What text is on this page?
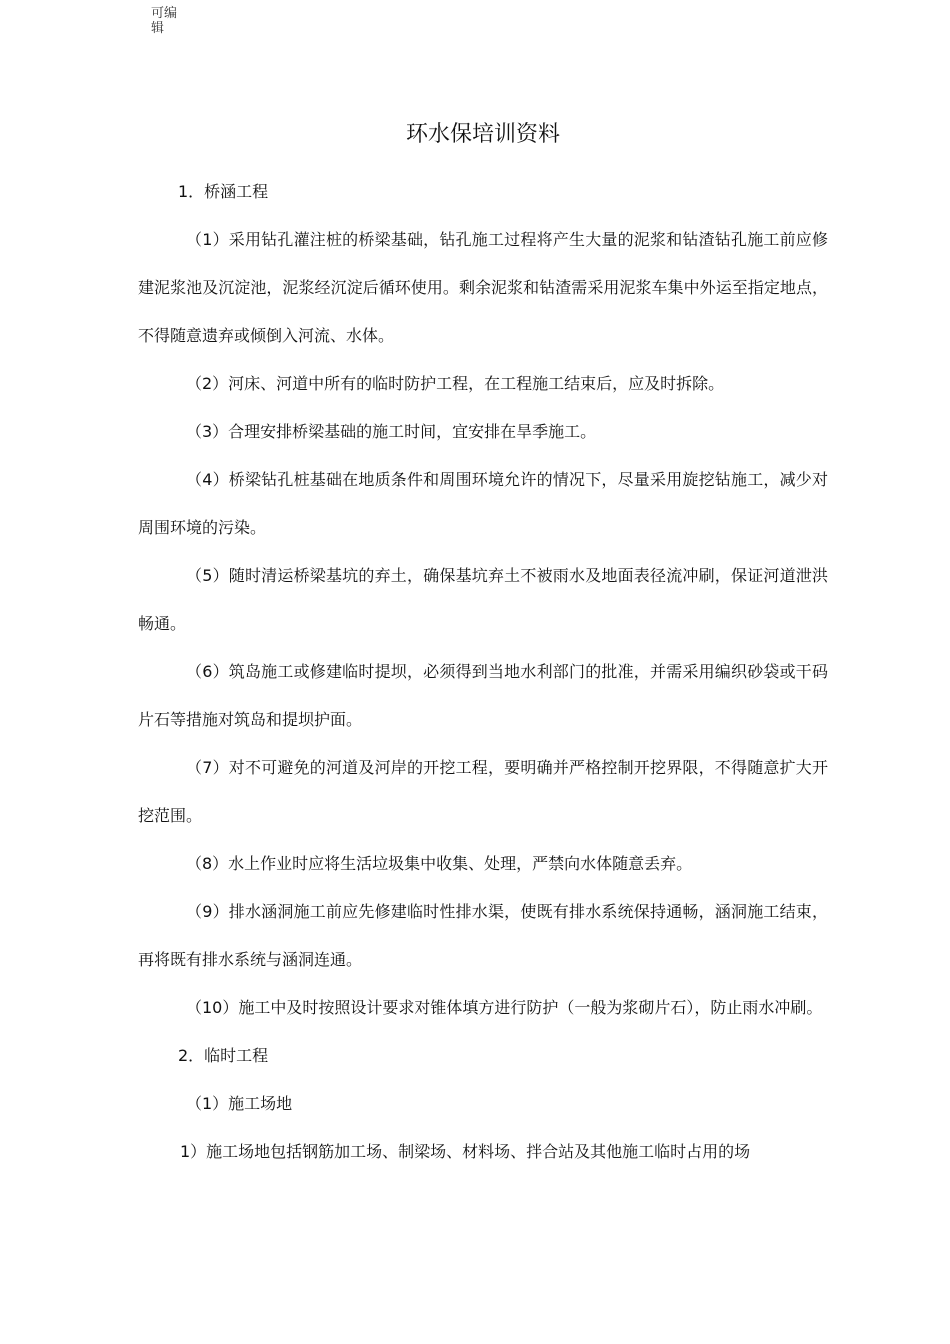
可编辑
环水保培训资料

1．桥涵工程

（1）采用钻孔灌注桩的桥梁基础，钻孔施工过程将产生大量的泥浆和钻渣钻孔施工前应修建泥浆池及沉淀池，泥浆经沉淀后循环使用。剩余泥浆和钻渣需采用泥浆车集中外运至指定地点，不得随意遗弃或倾倒入河流、水体。

（2）河床、河道中所有的临时防护工程，在工程施工结束后，应及时拆除。

（3）合理安排桥梁基础的施工时间，宜安排在旱季施工。

（4）桥梁钻孔桩基础在地质条件和周围环境允许的情况下，尽量采用旋挖钻施工，减少对周围环境的污染。

（5）随时清运桥梁基坑的弃土，确保基坑弃土不被雨水及地面表径流冲刷，保证河道泄洪畅通。

（6）筑岛施工或修建临时提坝，必须得到当地水利部门的批准，并需采用编织砂袋或干码片石等措施对筑岛和提坝护面。

（7）对不可避免的河道及河岸的开挖工程，要明确并严格控制开挖界限，不得随意扩大开挖范围。

（8）水上作业时应将生活垃圾集中收集、处理，严禁向水体随意丢弃。

（9）排水涵洞施工前应先修建临时性排水渠，使既有排水系统保持通畅，涵洞施工结束，再将既有排水系统与涵洞连通。

（10）施工中及时按照设计要求对锥体填方进行防护（一般为浆砌片石），防止雨水冲刷。

2．临时工程

（1）施工场地

1）施工场地包括钢筋加工场、制梁场、材料场、拌合站及其他施工临时占用的场
